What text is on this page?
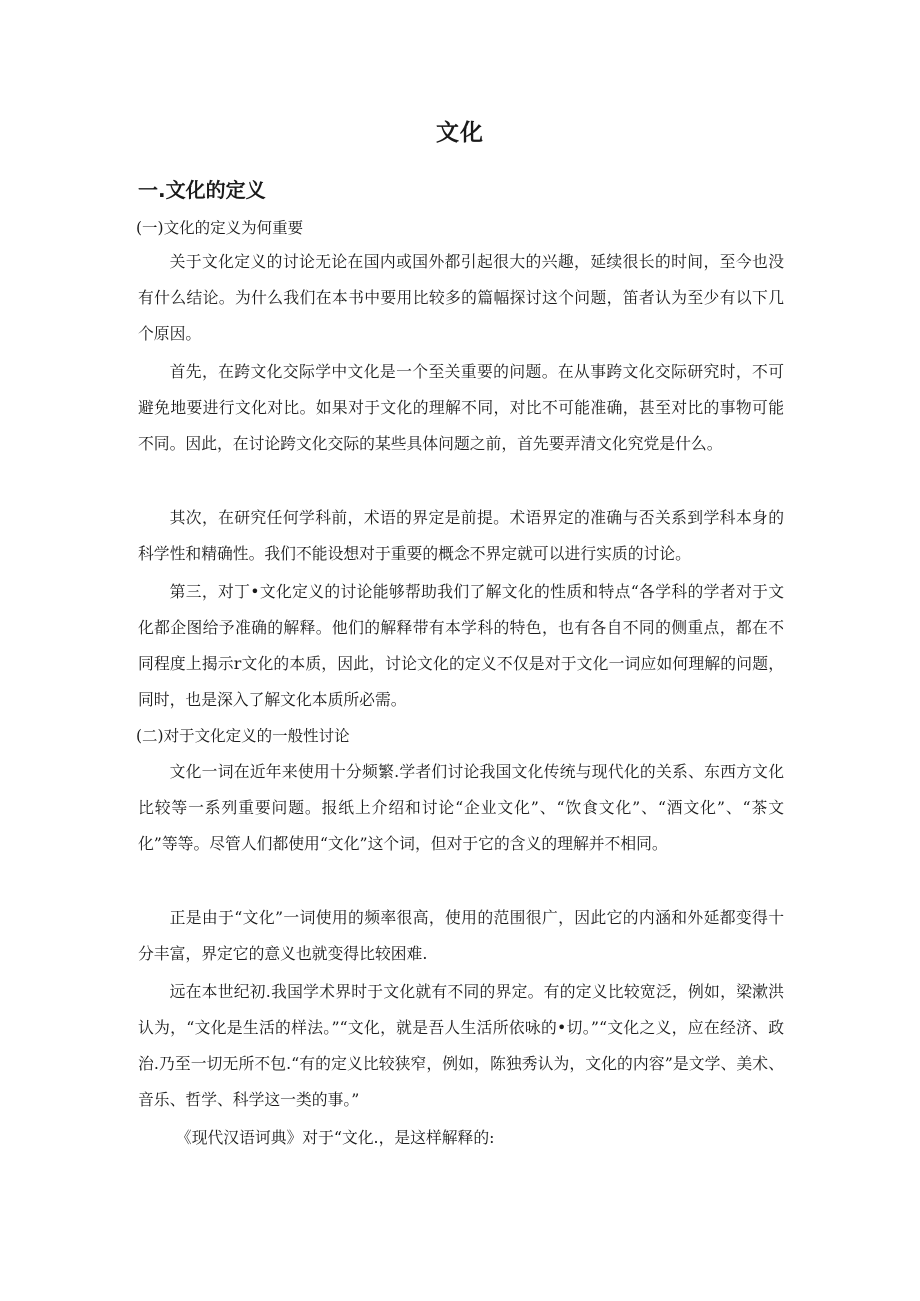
文化
一.文化的定义
(一)文化的定义为何重要
关于文化定义的讨论无论在国内或国外都引起很大的兴趣，延续很长的时间，至今也没有什么结论。为什么我们在本书中要用比较多的篇幅探讨这个问题，笛者认为至少有以下几个原因。
首先，在跨文化交际学中文化是一个至关重要的问题。在从事跨文化交际研究时，不可避免地要进行文化对比。如果对于文化的理解不同，对比不可能准确，甚至对比的事物可能不同。因此，在讨论跨文化交际的某些具体问题之前，首先要弄清文化究党是什么。
其次，在研究任何学科前，术语的界定是前提。术语界定的准确与否关系到学科本身的科学性和精确性。我们不能设想对于重要的概念不界定就可以进行实质的讨论。
第三，对丁•文化定义的讨论能够帮助我们了解文化的性质和特点“各学科的学者对于文化都企图给予准确的解释。他们的解释带有本学科的特色，也有各自不同的侧重点，都在不同程度上揭示r文化的本质，因此，讨论文化的定义不仅是对于文化一词应如何理解的问题，同时，也是深入了解文化本质所必需。
(二)对于文化定义的一般性讨论
文化一词在近年来使用十分频繁.学者们讨论我国文化传统与现代化的关系、东西方文化比较等一系列重要问题。报纸上介绍和讨论“企业文化”、“饮食文化”、“酒文化”、“茶文化”等等。尽管人们都使用“文化”这个词，但对于它的含义的理解并不相同。
正是由于“文化”一词使用的频率很高，使用的范围很广，因此它的内涵和外延都变得十分丰富，界定它的意义也就变得比较困难.
远在本世纪初.我国学术界时于文化就有不同的界定。有的定义比较宽泛，例如，梁漱洪认为，“文化是生活的样法。”“文化，就是吾人生活所依咏的•切。”“文化之义，应在经济、政治.乃至一切无所不包.“有的定义比较狭窄，例如，陈独秀认为，文化的内容”是文学、美术、音乐、哲学、科学这一类的事。”
《现代汉语诃典》对于“文化.，是这样解释的:
